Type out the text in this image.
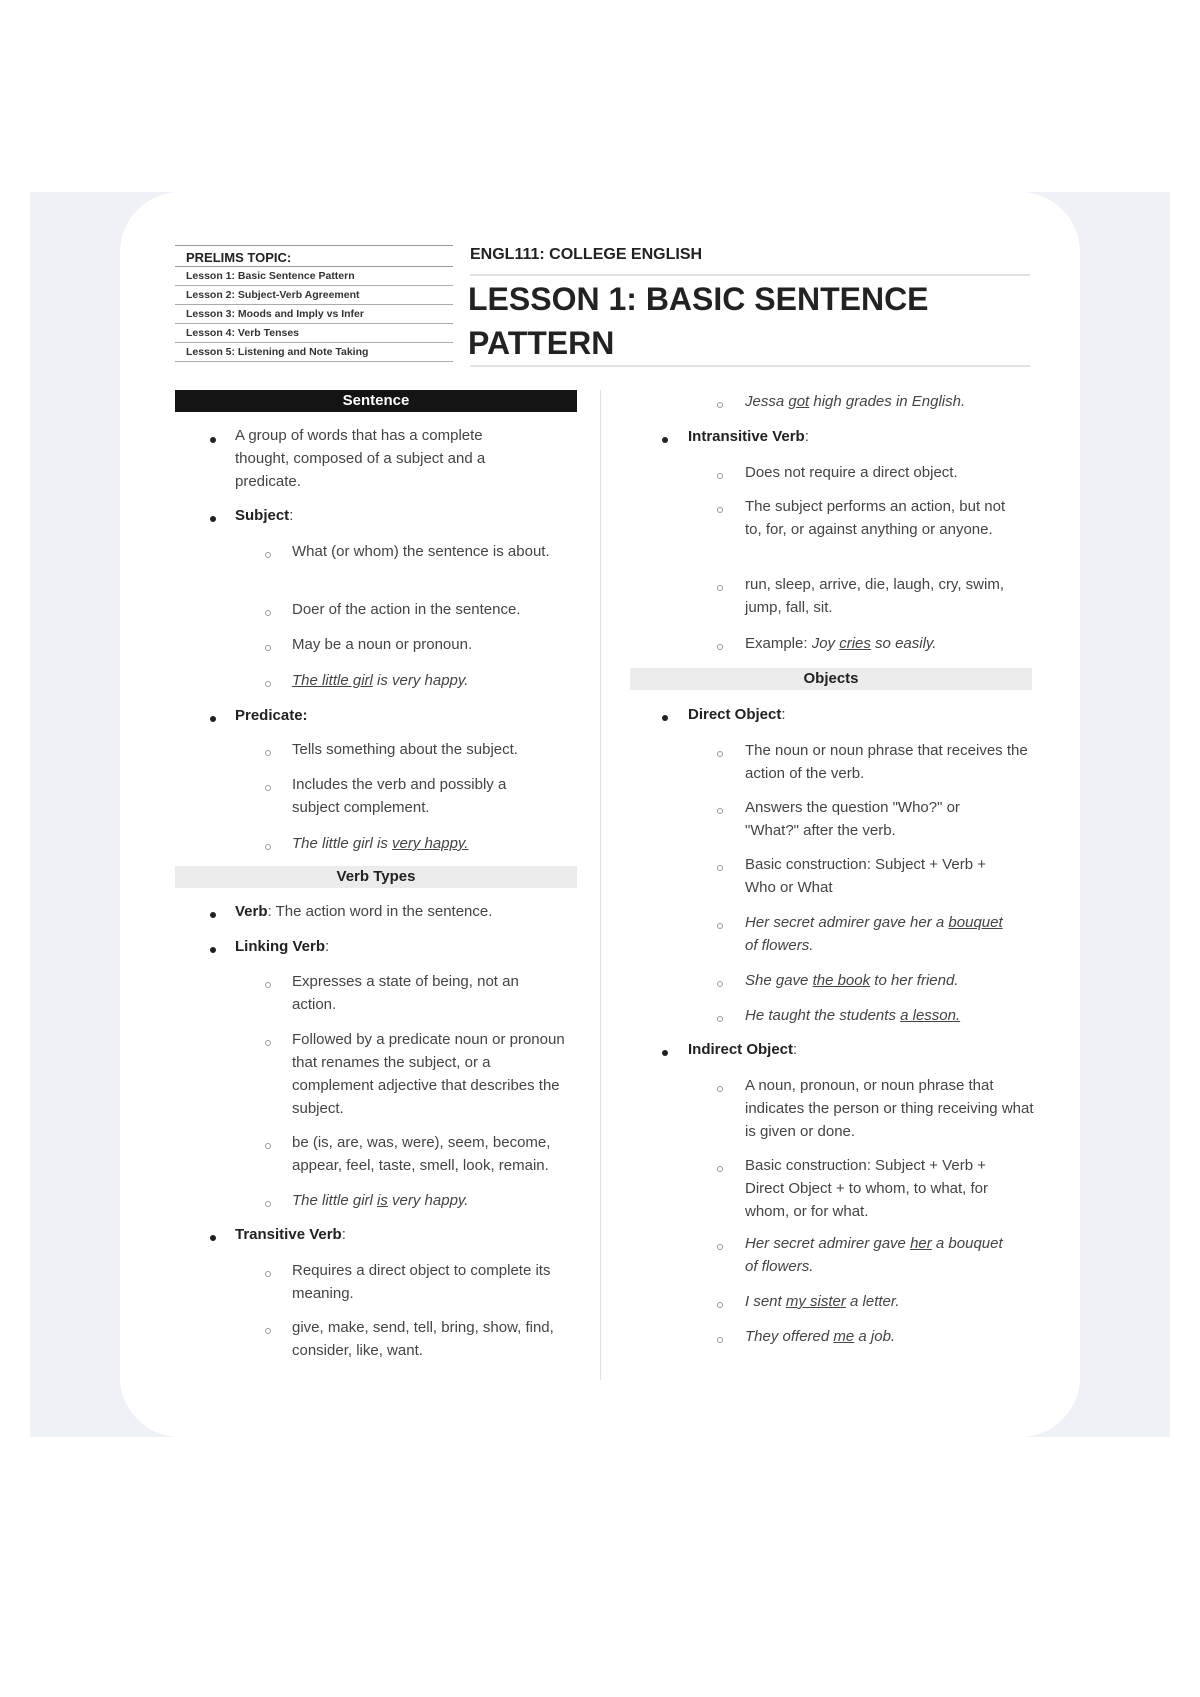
PRELIMS TOPIC:
Lesson 1: Basic Sentence Pattern
Lesson 2: Subject-Verb Agreement
Lesson 3: Moods and Imply vs Infer
Lesson 4: Verb Tenses
Lesson 5: Listening and Note Taking
ENGL111: COLLEGE ENGLISH
LESSON 1: BASIC SENTENCE
PATTERN
Sentence
A group of words that has a complete thought, composed of a subject and a predicate.
Subject:
What (or whom) the sentence is about.
Doer of the action in the sentence.
May be a noun or pronoun.
The little girl is very happy.
Predicate:
Tells something about the subject.
Includes the verb and possibly a subject complement.
The little girl is very happy.
Verb Types
Verb: The action word in the sentence.
Linking Verb:
Expresses a state of being, not an action.
Followed by a predicate noun or pronoun that renames the subject, or a complement adjective that describes the subject.
be (is, are, was, were), seem, become, appear, feel, taste, smell, look, remain.
The little girl is very happy.
Transitive Verb:
Requires a direct object to complete its meaning.
give, make, send, tell, bring, show, find, consider, like, want.
Jessa got high grades in English.
Intransitive Verb:
Does not require a direct object.
The subject performs an action, but not to, for, or against anything or anyone.
run, sleep, arrive, die, laugh, cry, swim, jump, fall, sit.
Example: Joy cries so easily.
Objects
Direct Object:
The noun or noun phrase that receives the action of the verb.
Answers the question "Who?" or "What?" after the verb.
Basic construction: Subject + Verb + Who or What
Her secret admirer gave her a bouquet
of flowers.
She gave the book to her friend.
He taught the students a lesson.
Indirect Object:
A noun, pronoun, or noun phrase that indicates the person or thing receiving what is given or done.
Basic construction: Subject + Verb + Direct Object + to whom, to what, for whom, or for what.
Her secret admirer gave her a bouquet
of flowers.
I sent my sister a letter.
They offered me a job.
